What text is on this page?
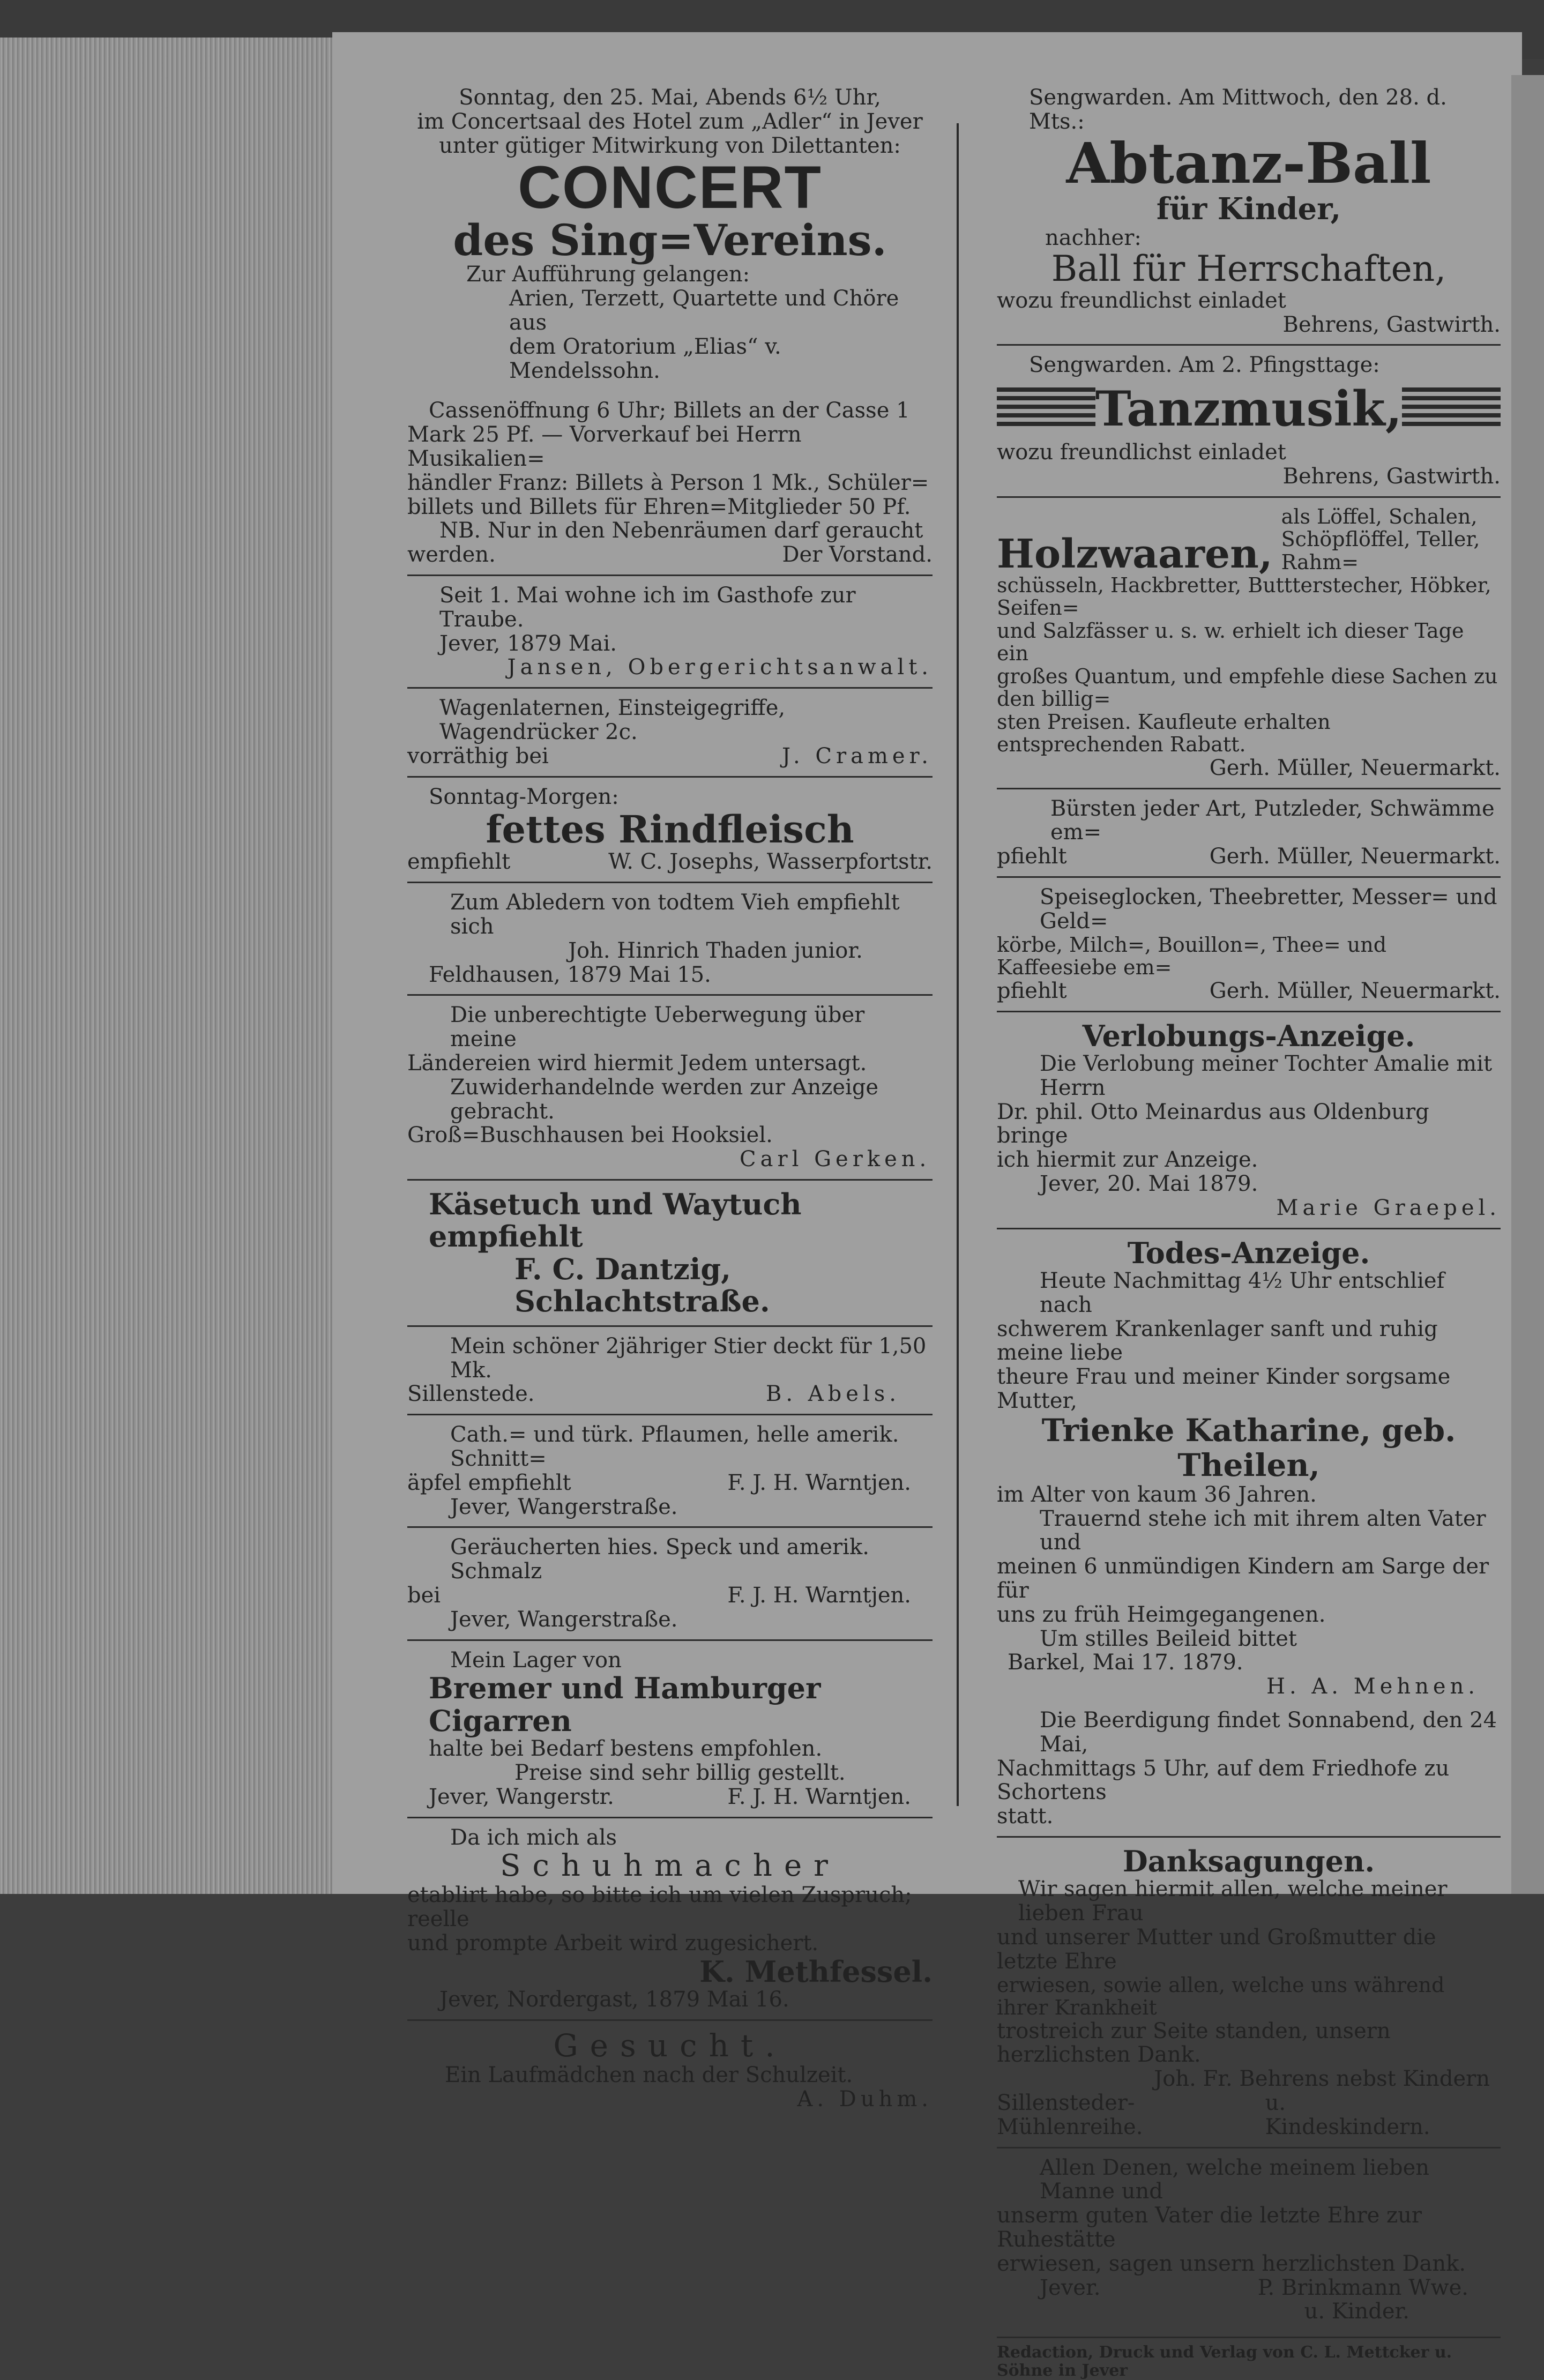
Sonntag, den 25. Mai, Abends 6½ Uhr,

im Concertsaal des Hotel zum „Adler“ in Jever

unter gütiger Mitwirkung von Dilettanten:

CONCERT

des Sing=Vereins.

Zur Aufführung gelangen:

Arien, Terzett, Quartette und Chöre aus

dem Oratorium „Elias“ v. Mendelssohn.

Cassenöffnung 6 Uhr; Billets an der Casse 1

Mark 25 Pf. — Vorverkauf bei Herrn Musikalien=

händler Franz: Billets à Person 1 Mk., Schüler=

billets und Billets für Ehren=Mitglieder 50 Pf.

NB. Nur in den Nebenräumen darf geraucht

werden.	Der Vorstand.

Seit 1. Mai wohne ich im Gasthofe zur Traube.

Jever, 1879 Mai.

Jansen, Obergerichtsanwalt.

Wagenlaternen, Einsteigegriffe, Wagendrücker 2c.

vorräthig bei	J. Cramer.

Sonntag-Morgen:

fettes Rindfleisch

empfiehlt	W. C. Josephs, Wasserpfortstr.

Zum Abledern von todtem Vieh empfiehlt sich

Joh. Hinrich Thaden junior.

Feldhausen, 1879 Mai 15.

Die unberechtigte Ueberwegung über meine

Ländereien wird hiermit Jedem untersagt.

Zuwiderhandelnde werden zur Anzeige gebracht.

Groß=Buschhausen bei Hooksiel.

Carl Gerken.

Käsetuch und Waytuch empfiehlt

F. C. Dantzig, Schlachtstraße.

Mein schöner 2jähriger Stier deckt für 1,50 Mk.

Sillenstede.	B. Abels.

Cath.= und türk. Pflaumen, helle amerik. Schnitt=

äpfel empfiehlt	F. J. H. Warntjen.

Jever, Wangerstraße.

Geräucherten hies. Speck und amerik. Schmalz

bei	F. J. H. Warntjen.

Jever, Wangerstraße.

Mein Lager von

Bremer und Hamburger Cigarren

halte bei Bedarf bestens empfohlen.

Preise sind sehr billig gestellt.

Jever, Wangerstr.	F. J. H. Warntjen.

Da ich mich als

Schuhmacher

etablirt habe, so bitte ich um vielen Zuspruch; reelle

und prompte Arbeit wird zugesichert.

K. Methfessel.

Jever, Nordergast, 1879 Mai 16.

Gesucht.

Ein Laufmädchen nach der Schulzeit.

A. Duhm.

Sengwarden. Am Mittwoch, den 28. d. Mts.:

Abtanz-Ball

für Kinder,

nachher:

Ball für Herrschaften,

wozu freundlichst einladet

Behrens, Gastwirth.

Sengwarden. Am 2. Pfingsttage:

Tanzmusik,

wozu freundlichst einladet

Behrens, Gastwirth.

Holzwaaren,
als Löffel, Schalen, Schöpflöffel, Teller, Rahm=

schüsseln, Hackbretter, Buttterstecher, Höbker, Seifen=

und Salzfässer u. s. w. erhielt ich dieser Tage ein

großes Quantum, und empfehle diese Sachen zu den billig=

sten Preisen. Kaufleute erhalten entsprechenden Rabatt.

Gerh. Müller, Neuermarkt.

Bürsten jeder Art, Putzleder, Schwämme em=

pfiehlt	Gerh. Müller, Neuermarkt.

Speiseglocken, Theebretter, Messer= und Geld=

körbe, Milch=, Bouillon=, Thee= und Kaffeesiebe em=

pfiehlt	Gerh. Müller, Neuermarkt.

Verlobungs-Anzeige.

Die Verlobung meiner Tochter Amalie mit Herrn

Dr. phil. Otto Meinardus aus Oldenburg bringe

ich hiermit zur Anzeige.

Jever, 20. Mai 1879.

Marie Graepel.

Todes-Anzeige.

Heute Nachmittag 4½ Uhr entschlief nach

schwerem Krankenlager sanft und ruhig meine liebe

theure Frau und meiner Kinder sorgsame Mutter,

Trienke Katharine, geb. Theilen,

im Alter von kaum 36 Jahren.

Trauernd stehe ich mit ihrem alten Vater und

meinen 6 unmündigen Kindern am Sarge der für

uns zu früh Heimgegangenen.

Um stilles Beileid bittet

Barkel, Mai 17. 1879.

H. A. Mehnen.

Die Beerdigung findet Sonnabend, den 24 Mai,

Nachmittags 5 Uhr, auf dem Friedhofe zu Schortens

statt.

Danksagungen.

Wir sagen hiermit allen, welche meiner lieben Frau

und unserer Mutter und Großmutter die letzte Ehre

erwiesen, sowie allen, welche uns während ihrer Krankheit

trostreich zur Seite standen, unsern herzlichsten Dank.

Joh. Fr. Behrens nebst Kindern

Sillensteder-Mühlenreihe.
u. Kindeskindern.

Allen Denen, welche meinem lieben Manne und

unserm guten Vater die letzte Ehre zur Ruhestätte

erwiesen, sagen unsern herzlichsten Dank.

Jever.	P. Brinkmann Wwe.

u. Kinder.

Redaction, Druck und Verlag von C. L. Mettcker u. Söhne in Jever
